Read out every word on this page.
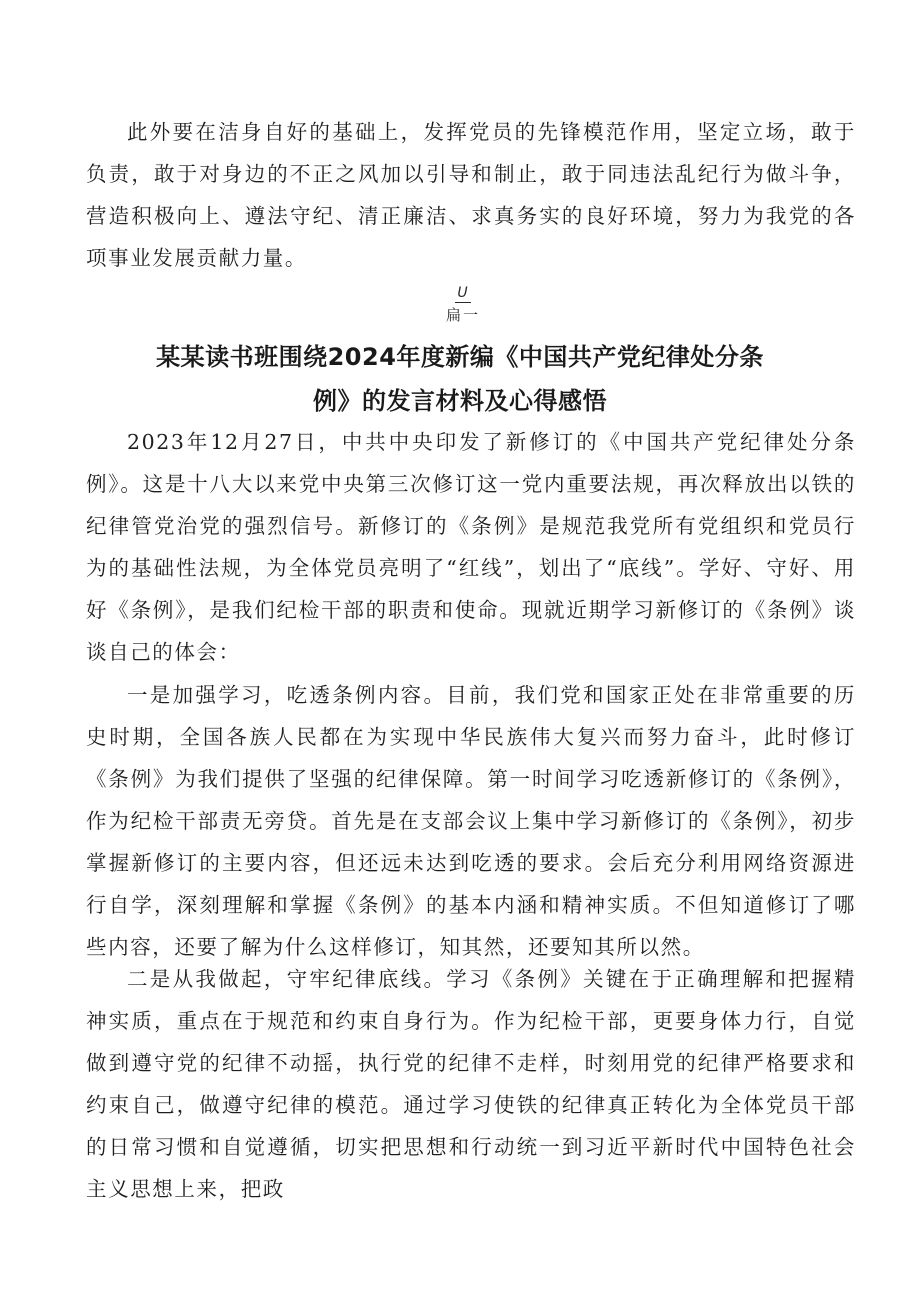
此外要在洁身自好的基础上，发挥党员的先锋模范作用，坚定立场，敢于负责，敢于对身边的不正之风加以引导和制止，敢于同违法乱纪行为做斗争，营造积极向上、遵法守纪、清正廉洁、求真务实的良好环境，努力为我党的各项事业发展贡献力量。

U
扁一
某某读书班围绕2024年度新编《中国共产党纪律处分条
例》的发言材料及心得感悟

2023年12月27日，中共中央印发了新修订的《中国共产党纪律处分条例》。这是十八大以来党中央第三次修订这一党内重要法规，再次释放出以铁的纪律管党治党的强烈信号。新修订的《条例》是规范我党所有党组织和党员行为的基础性法规，为全体党员亮明了“红线”，划出了“底线”。学好、守好、用好《条例》，是我们纪检干部的职责和使命。现就近期学习新修订的《条例》谈谈自己的体会：

一是加强学习，吃透条例内容。目前，我们党和国家正处在非常重要的历史时期，全国各族人民都在为实现中华民族伟大复兴而努力奋斗，此时修订《条例》为我们提供了坚强的纪律保障。第一时间学习吃透新修订的《条例》，作为纪检干部责无旁贷。首先是在支部会议上集中学习新修订的《条例》，初步掌握新修订的主要内容，但还远未达到吃透的要求。会后充分利用网络资源进行自学，深刻理解和掌握《条例》的基本内涵和精神实质。不但知道修订了哪些内容，还要了解为什么这样修订，知其然，还要知其所以然。

二是从我做起，守牢纪律底线。学习《条例》关键在于正确理解和把握精神实质，重点在于规范和约束自身行为。作为纪检干部，更要身体力行，自觉做到遵守党的纪律不动摇，执行党的纪律不走样，时刻用党的纪律严格要求和约束自己，做遵守纪律的模范。通过学习使铁的纪律真正转化为全体党员干部的日常习惯和自觉遵循，切实把思想和行动统一到习近平新时代中国特色社会主义思想上来，把政
